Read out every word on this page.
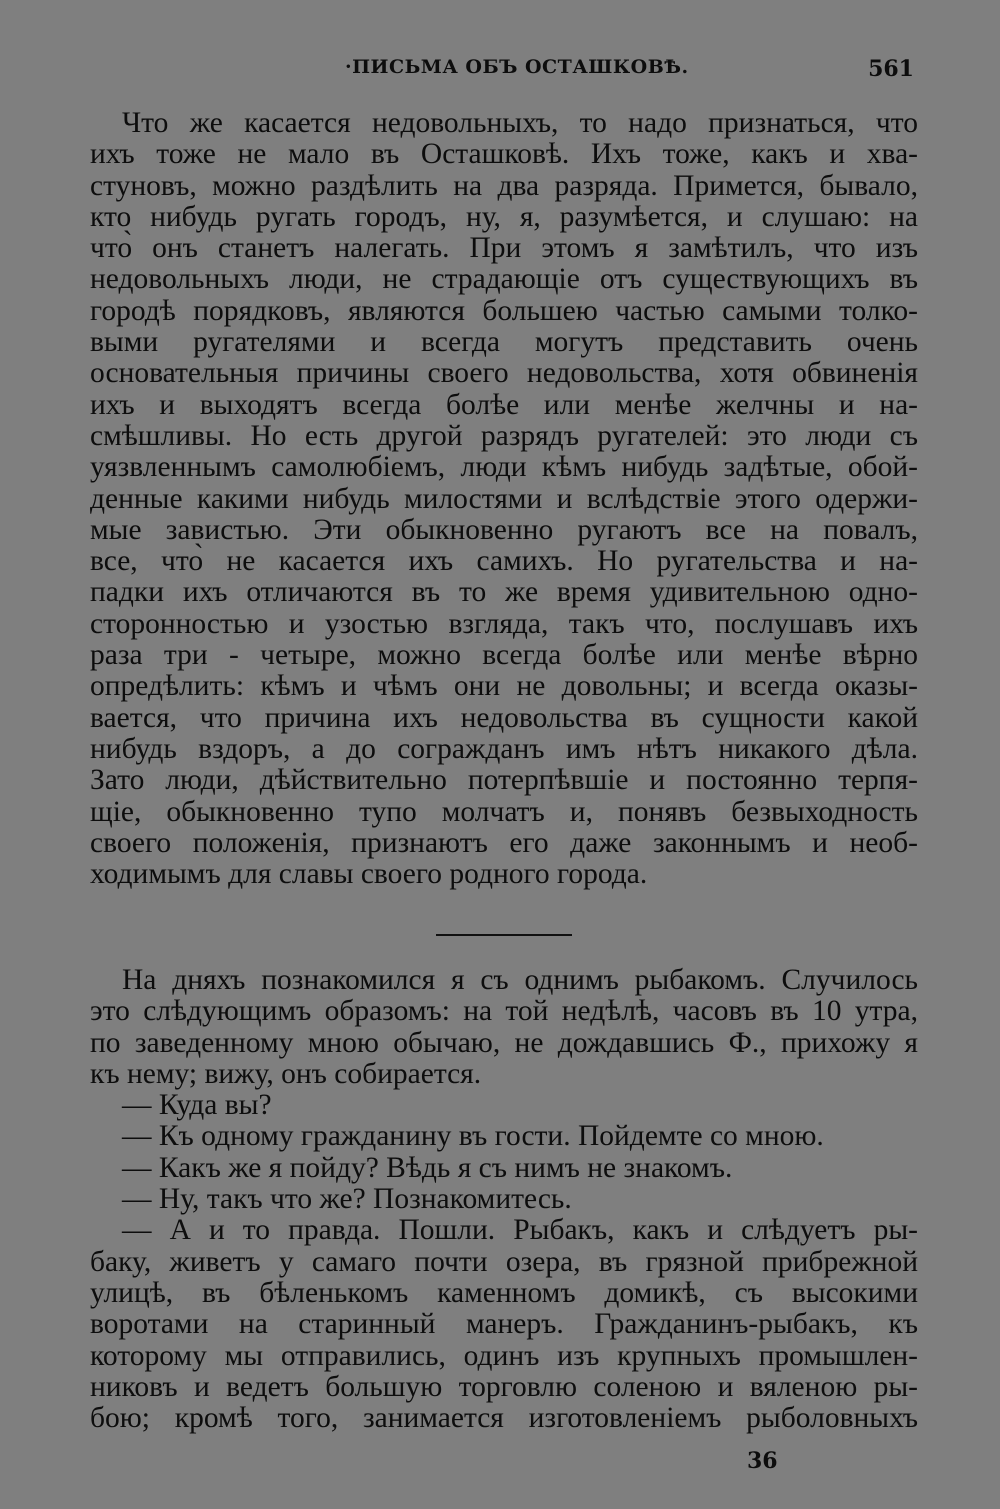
·ПИСЬМА ОБЪ ОСТАШКОВѢ.	561
Что же касается недовольныхъ, то надо признаться, что
ихъ тоже не мало въ Осташковѣ. Ихъ тоже, какъ и хва-
стуновъ, можно раздѣлить на два разряда. Примется, бывало,
кто нибудь ругать городъ, ну, я, разумѣется, и слушаю: на
что̀ онъ станетъ налегать. При этомъ я замѣтилъ, что изъ
недовольныхъ люди, не страдающіе отъ существующихъ въ
городѣ порядковъ, являются большею частью самыми толко-
выми ругателями и всегда могутъ представить очень
основательныя причины своего недовольства, хотя обвиненія
ихъ и выходятъ всегда болѣе или менѣе желчны и на-
смѣшливы. Но есть другой разрядъ ругателей: это люди съ
уязвленнымъ самолюбіемъ, люди кѣмъ нибудь задѣтые, обой-
денные какими нибудь милостями и вслѣдствіе этого одержи-
мые завистью. Эти обыкновенно ругаютъ все на повалъ,
все, что̀ не касается ихъ самихъ. Но ругательства и на-
падки ихъ отличаются въ то же время удивительною одно-
сторонностью и узостью взгляда, такъ что, послушавъ ихъ
раза три - четыре, можно всегда болѣе или менѣе вѣрно
опредѣлить: кѣмъ и чѣмъ они не довольны; и всегда оказы-
вается, что причина ихъ недовольства въ сущности какой
нибудь вздоръ, а до согражданъ имъ нѣтъ никакого дѣла.
Зато люди, дѣйствительно потерпѣвшіе и постоянно терпя-
щіе, обыкновенно тупо молчатъ и, понявъ безвыходность
своего положенія, признаютъ его даже законнымъ и необ-
ходимымъ для славы своего родного города.
На дняхъ познакомился я съ однимъ рыбакомъ. Случилось
это слѣдующимъ образомъ: на той недѣлѣ, часовъ въ 10 утра,
по заведенному мною обычаю, не дождавшись Ф., прихожу я
къ нему; вижу, онъ собирается.
— Куда вы?
— Къ одному гражданину въ гости. Пойдемте со мною.
— Какъ же я пойду? Вѣдь я съ нимъ не знакомъ.
— Ну, такъ что же? Познакомитесь.
— А и то правда. Пошли. Рыбакъ, какъ и слѣдуетъ ры-
баку, живетъ у самаго почти озера, въ грязной прибрежной
улицѣ, въ бѣленькомъ каменномъ домикѣ, съ высокими
воротами на старинный манеръ. Гражданинъ-рыбакъ, къ
которому мы отправились, одинъ изъ крупныхъ промышлен-
никовъ и ведетъ большую торговлю соленою и вяленою ры-
бою; кромѣ того, занимается изготовленіемъ рыболовныхъ
36
